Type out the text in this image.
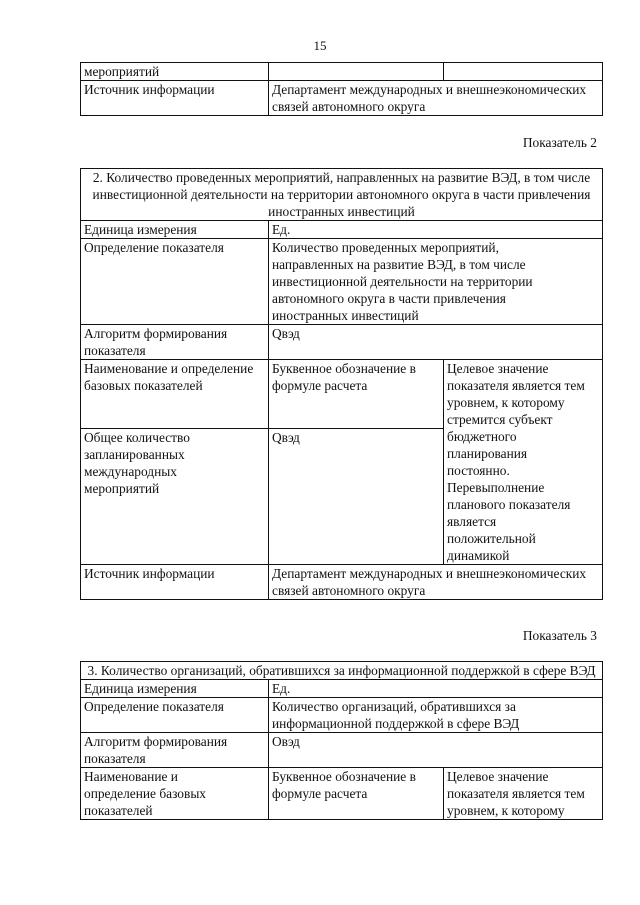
15
мероприятий		
Источник информации	Департамент международных и внешнеэкономических связей автономного округа	
Показатель 2
2. Количество проведенных мероприятий, направленных на развитие ВЭД, в том числе инвестиционной деятельности на территории автономного округа в части привлечения иностранных инвестиций		
Единица измерения	Ед.	
Определение показателя	Количество проведенных мероприятий, направленных на развитие ВЭД, в том числе инвестиционной деятельности на территории автономного округа в части привлечения иностранных инвестиций	
Алгоритм формирования показателя	Qвэд	
Наименование и определение базовых показателей	Буквенное обозначение в формуле расчета	Целевое значение показателя является тем уровнем, к которому стремится субъект бюджетного планирования постоянно. Перевыполнение планового показателя является положительной динамикой
Общее количество запланированных международных мероприятий	Qвэд	
Источник информации	Департамент международных и внешнеэкономических связей автономного округа	
Показатель 3
3. Количество организаций, обратившихся за информационной поддержкой в сфере ВЭД		
Единица измерения	Ед.	
Определение показателя	Количество организаций, обратившихся за информационной поддержкой в сфере ВЭД	
Алгоритм формирования показателя	Овэд	
Наименование и определение базовых показателей	Буквенное обозначение в формуле расчета	Целевое значение показателя является тем уровнем, к которому
